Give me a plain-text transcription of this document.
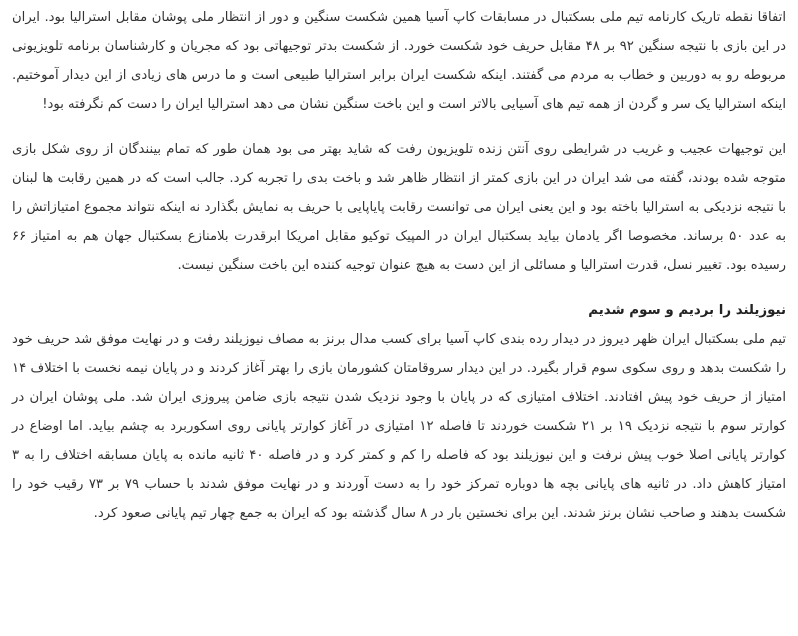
اتفاقا نقطه تاریک کارنامه تیم ملی بسکتبال در مسابقات کاپ آسیا همین شکست سنگین و دور از انتظار ملی پوشان مقابل استرالیا بود. ایران در این بازی با نتیجه سنگین ۹۲ بر ۴۸ مقابل حریف خود شکست خورد. از شکست بدتر توجیهاتی بود که مجریان و کارشناسان برنامه تلویزیونی مربوطه رو به دوربین و خطاب به مردم می گفتند. اینکه شکست ایران برابر استرالیا طبیعی است و ما درس های زیادی از این دیدار آموختیم. اینکه استرالیا یک سر و گردن از همه تیم های آسیایی بالاتر است و این باخت سنگین نشان می دهد استرالیا ایران را دست کم نگرفته بود!

این توجیهات عجیب و غریب در شرایطی روی آنتن زنده تلویزیون رفت که شاید بهتر می بود همان طور که تمام بینندگان از روی شکل بازی متوجه شده بودند، گفته می شد ایران در این بازی کمتر از انتظار ظاهر شد و باخت بدی را تجربه کرد. جالب است که در همین رقابت ها لبنان با نتیجه نزدیکی به استرالیا باخته بود و این یعنی ایران می توانست رقابت پایاپایی با حریف به نمایش بگذارد نه اینکه نتواند مجموع امتیازاتش را به عدد ۵۰ برساند. مخصوصا اگر یادمان بیاید بسکتبال ایران در المپیک توکیو مقابل امریکا ابرقدرت بلامنازع بسکتبال جهان هم به امتیاز ۶۶ رسیده بود. تغییر نسل، قدرت استرالیا و مسائلی از این دست به هیچ عنوان توجیه کننده این باخت سنگین نیست.

نیوزیلند را بردیم و سوم شدیم

تیم ملی بسکتبال ایران ظهر دیروز در دیدار رده بندی کاپ آسیا برای کسب مدال برنز به مصاف نیوزیلند رفت و در نهایت موفق شد حریف خود را شکست بدهد و روی سکوی سوم قرار بگیرد. در این دیدار سروقامتان کشورمان بازی را بهتر آغاز کردند و در پایان نیمه نخست با اختلاف ۱۴ امتیاز از حریف خود پیش افتادند. اختلاف امتیازی که در پایان با وجود نزدیک شدن نتیجه بازی ضامن پیروزی ایران شد. ملی پوشان ایران در کوارتر سوم با نتیجه نزدیک ۱۹ بر ۲۱ شکست خوردند تا فاصله ۱۲ امتیازی در آغاز کوارتر پایانی روی اسکوربرد به چشم بیاید. اما اوضاع در کوارتر پایانی اصلا خوب پیش نرفت و این نیوزیلند بود که فاصله را کم و کمتر کرد و در فاصله ۴۰ ثانیه مانده به پایان مسابقه اختلاف را به ۳ امتیاز کاهش داد. در ثانیه های پایانی بچه ها دوباره تمرکز خود را به دست آوردند و در نهایت موفق شدند با حساب ۷۹ بر ۷۳ رقیب خود را شکست بدهند و صاحب نشان برنز شدند. این برای نخستین بار در ۸ سال گذشته بود که ایران به جمع چهار تیم پایانی صعود کرد.
